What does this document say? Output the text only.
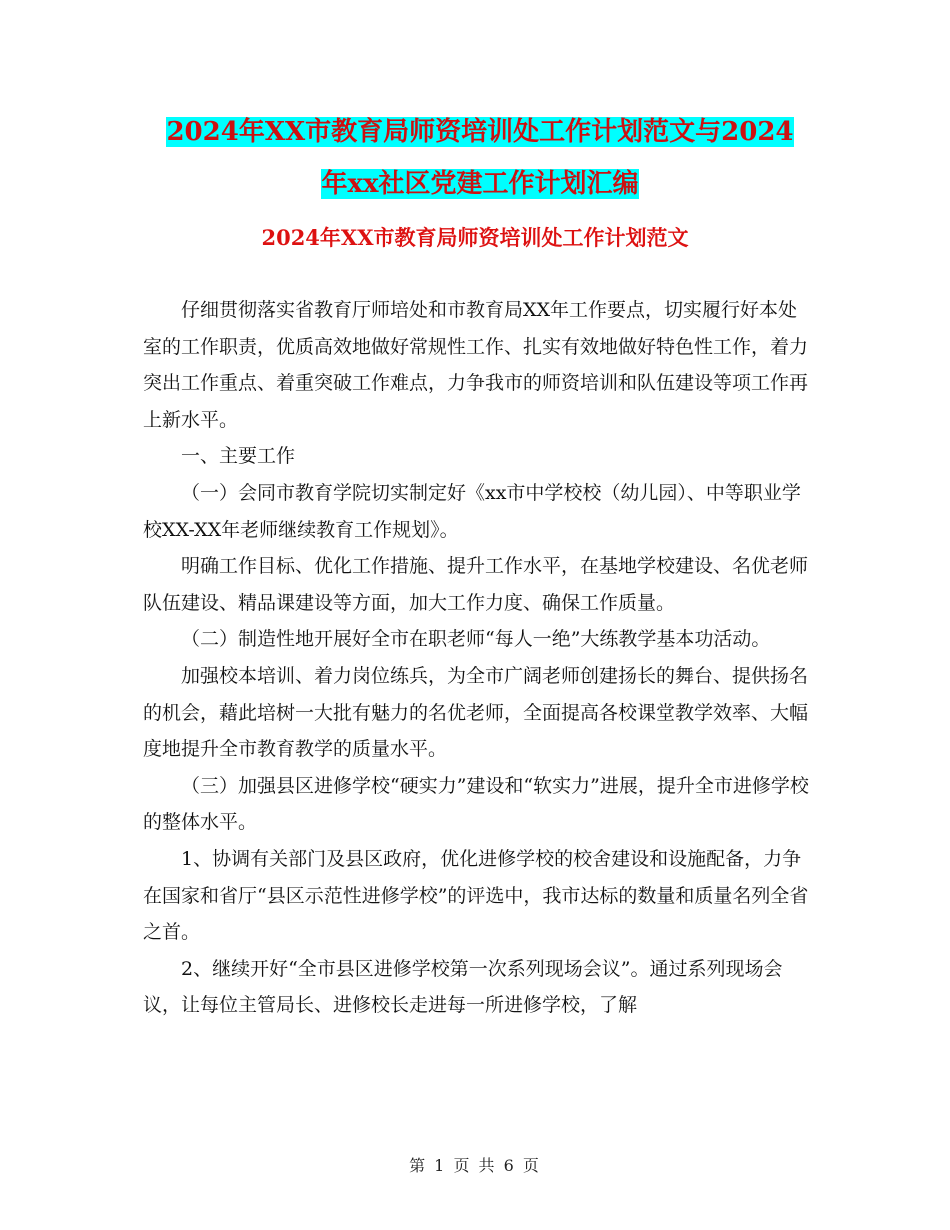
2024年XX市教育局师资培训处工作计划范文与2024
年xx社区党建工作计划汇编
2024年XX市教育局师资培训处工作计划范文

仔细贯彻落实省教育厅师培处和市教育局XX年工作要点，切实履行好本处室的工作职责，优质高效地做好常规性工作、扎实有效地做好特色性工作，着力突出工作重点、着重突破工作难点，力争我市的师资培训和队伍建设等项工作再上新水平。

一、主要工作

（一）会同市教育学院切实制定好《xx市中学校校（幼儿园）、中等职业学校XX-XX年老师继续教育工作规划》。

明确工作目标、优化工作措施、提升工作水平，在基地学校建设、名优老师队伍建设、精品课建设等方面，加大工作力度、确保工作质量。

（二）制造性地开展好全市在职老师“每人一绝”大练教学基本功活动。

加强校本培训、着力岗位练兵，为全市广阔老师创建扬长的舞台、提供扬名的机会，藉此培树一大批有魅力的名优老师，全面提高各校课堂教学效率、大幅度地提升全市教育教学的质量水平。

（三）加强县区进修学校“硬实力”建设和“软实力”进展，提升全市进修学校的整体水平。

1、协调有关部门及县区政府，优化进修学校的校舍建设和设施配备，力争在国家和省厅“县区示范性进修学校”的评选中，我市达标的数量和质量名列全省之首。

2、继续开好“全市县区进修学校第一次系列现场会议”。通过系列现场会议，让每位主管局长、进修校长走进每一所进修学校，了解

第 1 页 共 6 页
